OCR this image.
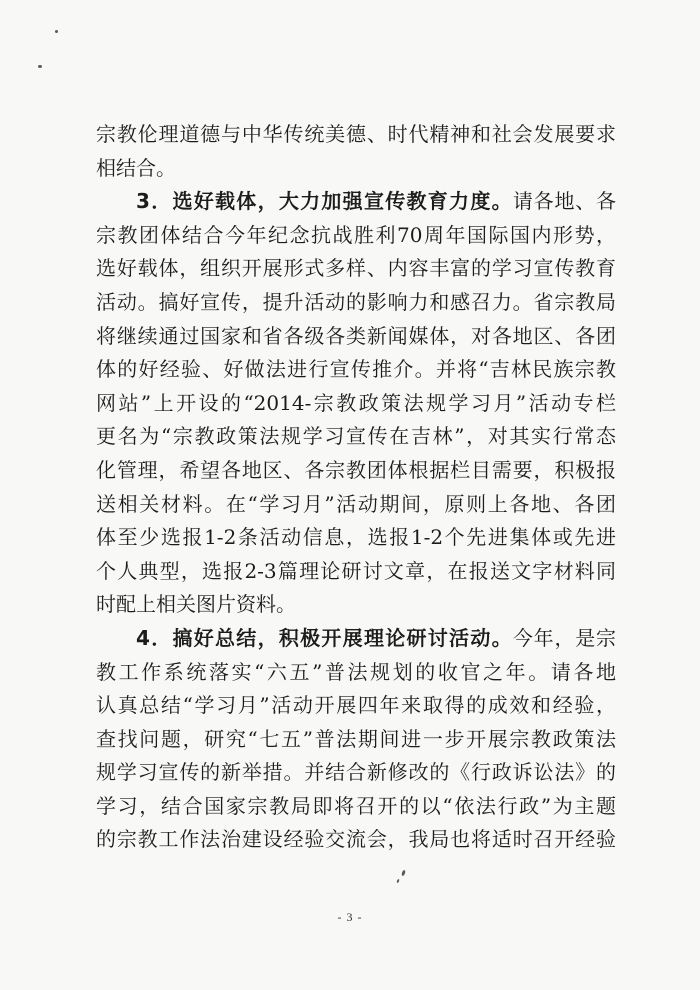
宗教伦理道德与中华传统美德、时代精神和社会发展要求
相结合。
3．选好载体，大力加强宣传教育力度。请各地、各
宗教团体结合今年纪念抗战胜利70周年国际国内形势，
选好载体，组织开展形式多样、内容丰富的学习宣传教育
活动。搞好宣传，提升活动的影响力和感召力。省宗教局
将继续通过国家和省各级各类新闻媒体，对各地区、各团
体的好经验、好做法进行宣传推介。并将“吉林民族宗教
网站”上开设的“2014-宗教政策法规学习月”活动专栏
更名为“宗教政策法规学习宣传在吉林”，对其实行常态
化管理，希望各地区、各宗教团体根据栏目需要，积极报
送相关材料。在“学习月”活动期间，原则上各地、各团
体至少选报1-2条活动信息，选报1-2个先进集体或先进
个人典型，选报2-3篇理论研讨文章，在报送文字材料同
时配上相关图片资料。
4．搞好总结，积极开展理论研讨活动。今年，是宗
教工作系统落实“六五”普法规划的收官之年。请各地
认真总结“学习月”活动开展四年来取得的成效和经验，
查找问题，研究“七五”普法期间进一步开展宗教政策法
规学习宣传的新举措。并结合新修改的《行政诉讼法》的
学习，结合国家宗教局即将召开的以“依法行政”为主题
的宗教工作法治建设经验交流会，我局也将适时召开经验
- 3 -
